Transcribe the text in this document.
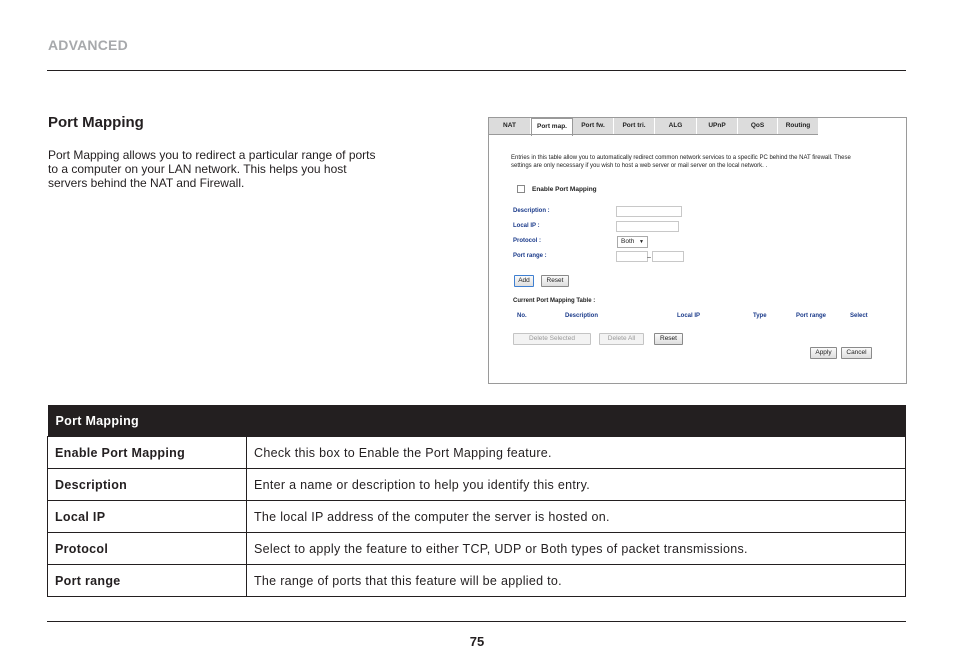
ADVANCED
Port Mapping
Port Mapping allows you to redirect a particular range of ports to a computer on your LAN network. This helps you host servers behind the NAT and Firewall.
NAT	Port map.	Port fw.	Port tri.	ALG	UPnP	QoS	Routing
Entries in this table allow you to automatically redirect common network services to a specific PC behind the NAT firewall. These settings are only necessary if you wish to host a web server or mail server on the local network. .
Enable Port Mapping
Description :
Local IP :
Protocol :	Both ▼
Port range :	~
Add	Reset
Current Port Mapping Table :
No.	Description	Local IP	Type	Port range	Select
Delete Selected	Delete All	Reset
Apply	Cancel
Port Mapping	
Enable Port Mapping	Check this box to Enable the Port Mapping feature.
Description	Enter a name or description to help you identify this entry.
Local IP	The local IP address of the computer the server is hosted on.
Protocol	Select to apply the feature to either TCP, UDP or Both types of packet transmissions.
Port range	The range of ports that this feature will be applied to.
75
